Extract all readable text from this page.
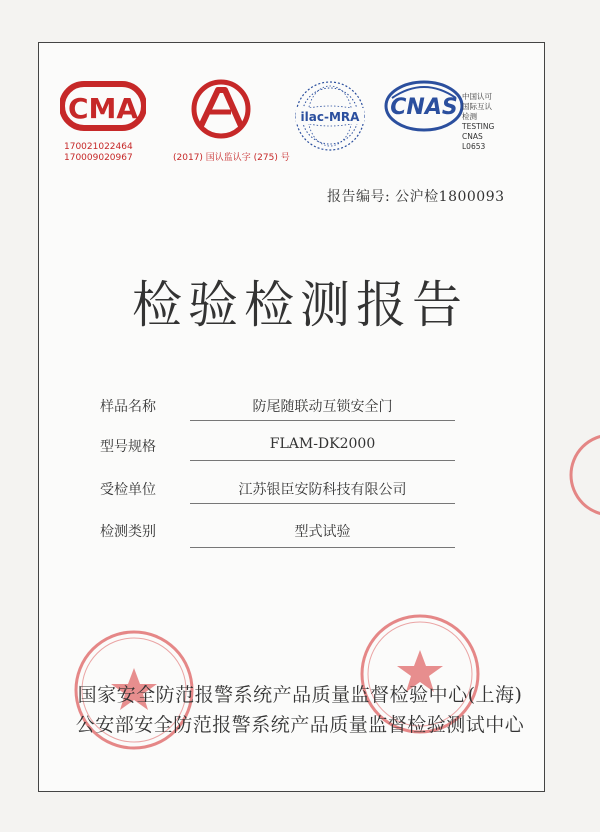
CMA
170021022464
170009020967
CAL
(2017) 国认监认字 (275) 号
ilac-MRA CNAS 中国认可
国际互认
检测
TESTING
CNAS L0653
报告编号: 公沪检1800093
检验检测报告
样品名称	防尾随联动互锁安全门
型号规格	FLAM-DK2000
受检单位	江苏银臣安防科技有限公司
检测类别	型式试验
国家安全防范报警系统产品质量监督检验中心(上海)
公安部安全防范报警系统产品质量监督检验测试中心
